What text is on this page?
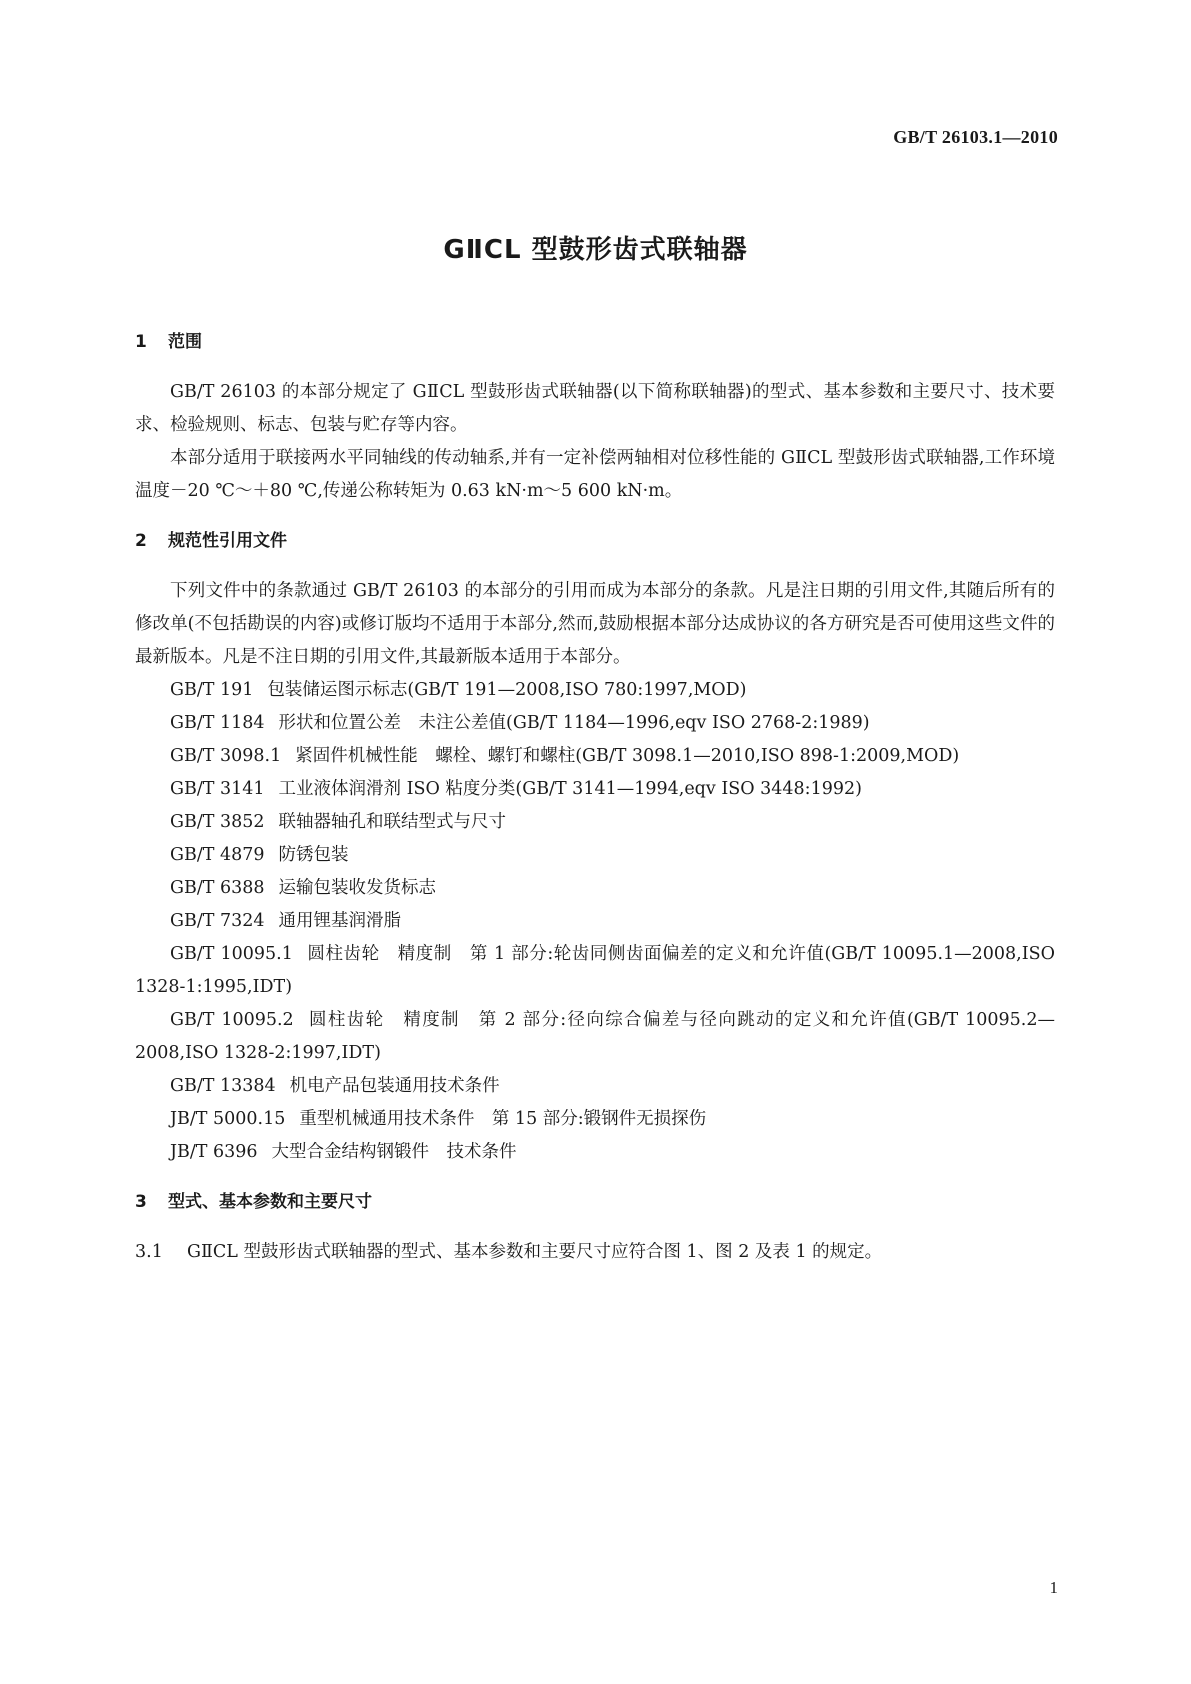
GB/T 26103.1—2010
GⅡCL 型鼓形齿式联轴器
1 范围

GB/T 26103 的本部分规定了 GⅡCL 型鼓形齿式联轴器(以下简称联轴器)的型式、基本参数和主要尺寸、技术要求、检验规则、标志、包装与贮存等内容。

本部分适用于联接两水平同轴线的传动轴系,并有一定补偿两轴相对位移性能的 GⅡCL 型鼓形齿式联轴器,工作环境温度－20 ℃～＋80 ℃,传递公称转矩为 0.63 kN·m～5 600 kN·m。

2 规范性引用文件

下列文件中的条款通过 GB/T 26103 的本部分的引用而成为本部分的条款。凡是注日期的引用文件,其随后所有的修改单(不包括勘误的内容)或修订版均不适用于本部分,然而,鼓励根据本部分达成协议的各方研究是否可使用这些文件的最新版本。凡是不注日期的引用文件,其最新版本适用于本部分。

GB/T 191 包装储运图示标志(GB/T 191—2008,ISO 780:1997,MOD)

GB/T 1184 形状和位置公差　未注公差值(GB/T 1184—1996,eqv ISO 2768-2:1989)

GB/T 3098.1 紧固件机械性能　螺栓、螺钉和螺柱(GB/T 3098.1—2010,ISO 898-1:2009,MOD)

GB/T 3141 工业液体润滑剂 ISO 粘度分类(GB/T 3141—1994,eqv ISO 3448:1992)

GB/T 3852 联轴器轴孔和联结型式与尺寸

GB/T 4879 防锈包装

GB/T 6388 运输包装收发货标志

GB/T 7324 通用锂基润滑脂

GB/T 10095.1 圆柱齿轮　精度制　第 1 部分:轮齿同侧齿面偏差的定义和允许值(GB/T 10095.1—2008,ISO 1328-1:1995,IDT)

GB/T 10095.2 圆柱齿轮　精度制　第 2 部分:径向综合偏差与径向跳动的定义和允许值(GB/T 10095.2—2008,ISO 1328-2:1997,IDT)

GB/T 13384 机电产品包装通用技术条件

JB/T 5000.15 重型机械通用技术条件　第 15 部分:锻钢件无损探伤

JB/T 6396 大型合金结构钢锻件　技术条件

3 型式、基本参数和主要尺寸

3.1 GⅡCL 型鼓形齿式联轴器的型式、基本参数和主要尺寸应符合图 1、图 2 及表 1 的规定。

1
